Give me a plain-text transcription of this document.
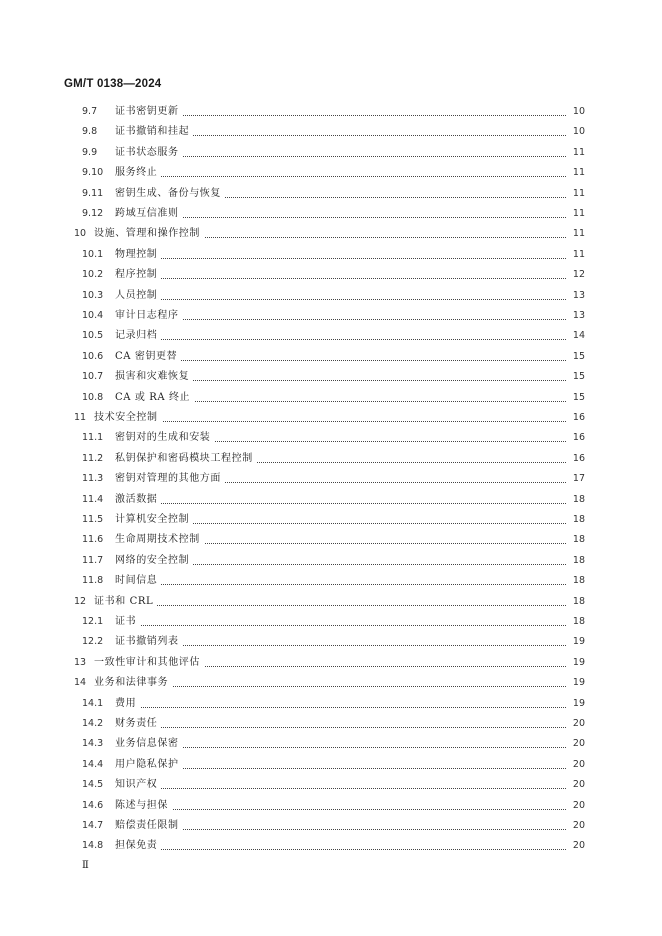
GM/T 0138—2024
9.7 证书密钥更新	10
9.8 证书撤销和挂起	10
9.9 证书状态服务	11
9.10 服务终止	11
9.11 密钥生成、备份与恢复	11
9.12 跨域互信准则	11
10 设施、管理和操作控制	11
10.1 物理控制	11
10.2 程序控制	12
10.3 人员控制	13
10.4 审计日志程序	13
10.5 记录归档	14
10.6 CA 密钥更替	15
10.7 损害和灾难恢复	15
10.8 CA 或 RA 终止	15
11 技术安全控制	16
11.1 密钥对的生成和安装	16
11.2 私钥保护和密码模块工程控制	16
11.3 密钥对管理的其他方面	17
11.4 激活数据	18
11.5 计算机安全控制	18
11.6 生命周期技术控制	18
11.7 网络的安全控制	18
11.8 时间信息	18
12 证书和 CRL	18
12.1 证书	18
12.2 证书撤销列表	19
13 一致性审计和其他评估	19
14 业务和法律事务	19
14.1 费用	19
14.2 财务责任	20
14.3 业务信息保密	20
14.4 用户隐私保护	20
14.5 知识产权	20
14.6 陈述与担保	20
14.7 赔偿责任限制	20
14.8 担保免责	20
Ⅱ
